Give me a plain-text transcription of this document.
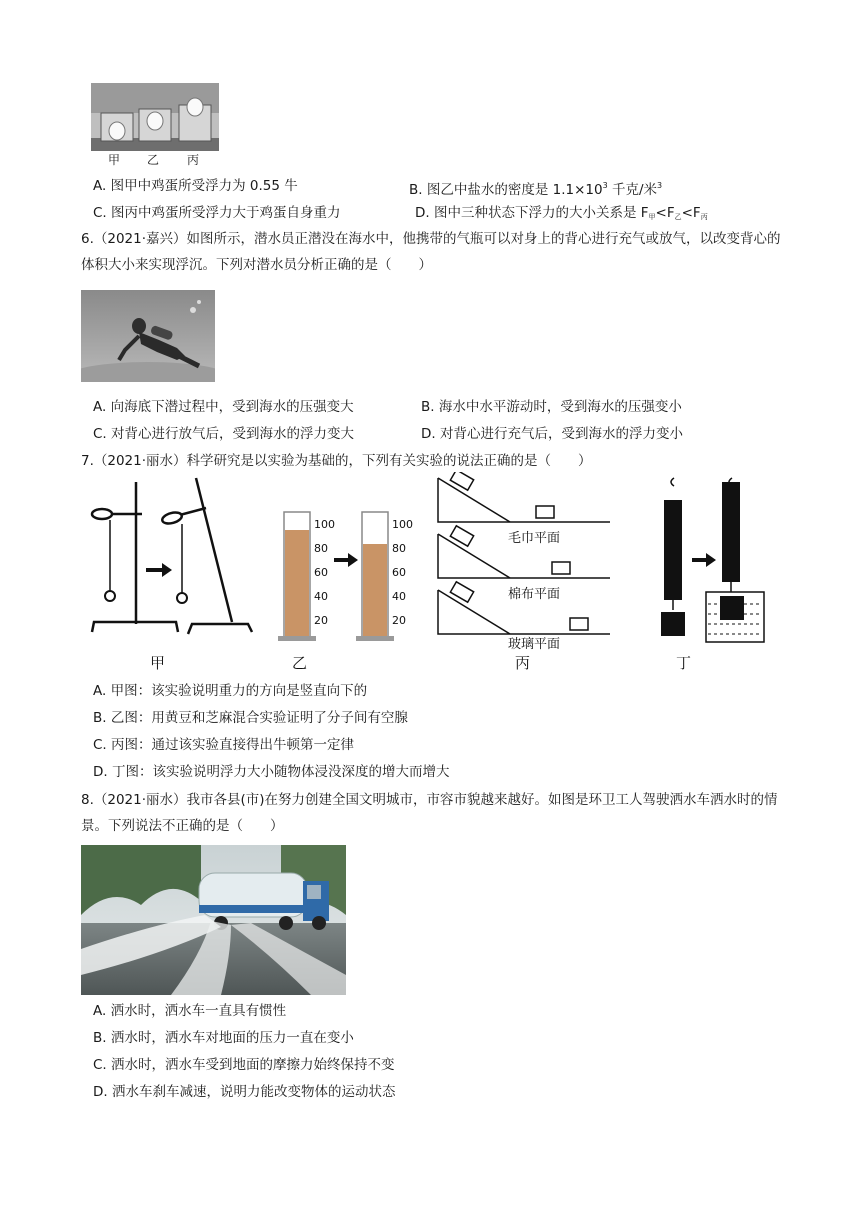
甲 乙 丙
A. 图甲中鸡蛋所受浮力为 0.55 牛	B. 图乙中盐水的密度是 $1.1\times 10^3$ 千克/米$^3$
C. 图丙中鸡蛋所受浮力大于鸡蛋自身重力	D. 图中三种状态下浮力的大小关系是 $F_甲<F_乙<F_丙$
6.（2021·嘉兴）如图所示，潜水员正潜没在海水中，他携带的气瓶可以对身上的背心进行充气或放气，以改变背心的体积大小来实现浮沉。下列对潜水员分析正确的是（　　）
A. 向海底下潜过程中，受到海水的压强变大	B. 海水中水平游动时，受到海水的压强变小
C. 对背心进行放气后，受到海水的浮力变大	D. 对背心进行充气后，受到海水的浮力变小
7.（2021·丽水）科学研究是以实验为基础的，下列有关实验的说法正确的是（　　）
甲
100
80
60
40
20
100
80
60
40
20
乙
毛巾平面
棉布平面
玻璃平面
丙	丁
A. 甲图：该实验说明重力的方向是竖直向下的
B. 乙图：用黄豆和芝麻混合实验证明了分子间有空腺
C. 丙图：通过该实验直接得出牛顿第一定律
D. 丁图：该实验说明浮力大小随物体浸没深度的增大而增大
8.（2021·丽水）我市各县(市)在努力创建全国文明城市，市容市貌越来越好。如图是环卫工人驾驶洒水车洒水时的情景。下列说法不正确的是（　　）
A. 洒水时，洒水车一直具有惯性
B. 洒水时，洒水车对地面的压力一直在变小
C. 洒水时，洒水车受到地面的摩擦力始终保持不变
D. 洒水车刹车减速，说明力能改变物体的运动状态
